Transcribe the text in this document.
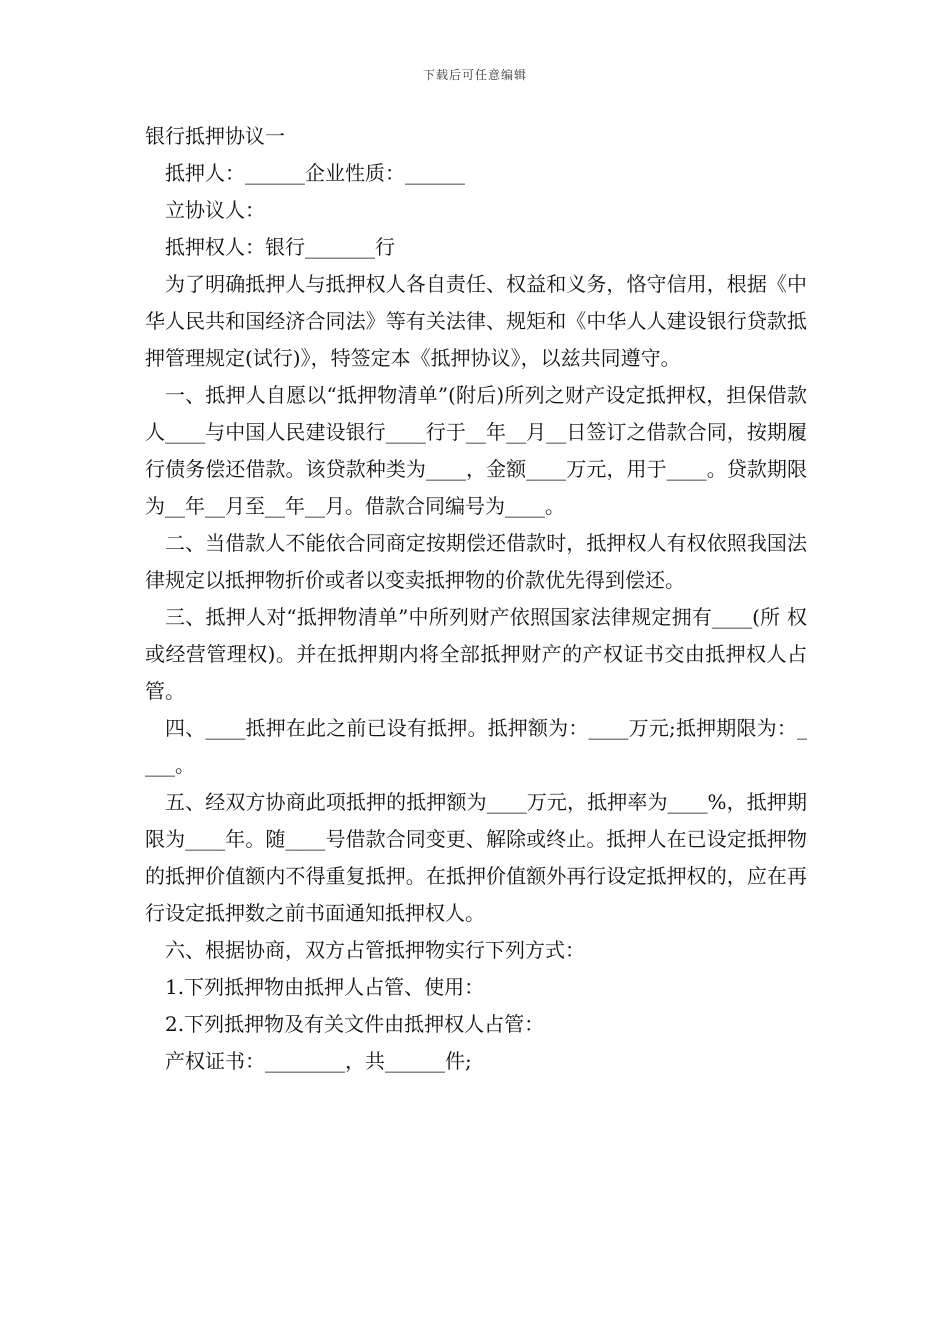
下载后可任意编辑

银行抵押协议一

抵押人：______企业性质：______

立协议人：

抵押权人：银行_______行

为了明确抵押人与抵押权人各自责任、权益和义务，恪守信用，根据《中华人民共和国经济合同法》等有关法律、规矩和《中华人人建设银行贷款抵押管理规定(试行)》，特签定本《抵押协议》，以兹共同遵守。

一、抵押人自愿以“抵押物清单”(附后)所列之财产设定抵押权，担保借款人____与中国人民建设银行____行于__年__月__日签订之借款合同，按期履行债务偿还借款。该贷款种类为____，金额____万元，用于____。贷款期限为__年__月至__年__月。借款合同编号为____。

二、当借款人不能依合同商定按期偿还借款时，抵押权人有权依照我国法律规定以抵押物折价或者以变卖抵押物的价款优先得到偿还。

三、抵押人对“抵押物清单”中所列财产依照国家法律规定拥有____(所 权或经营管理权)。并在抵押期内将全部抵押财产的产权证书交由抵押权人占管。

四、____抵押在此之前已设有抵押。抵押额为：____万元;抵押期限为：____。

五、经双方协商此项抵押的抵押额为____万元，抵押率为____%，抵押期限为____年。随____号借款合同变更、解除或终止。抵押人在已设定抵押物的抵押价值额内不得重复抵押。在抵押价值额外再行设定抵押权的，应在再行设定抵押数之前书面通知抵押权人。

六、根据协商，双方占管抵押物实行下列方式：

1.下列抵押物由抵押人占管、使用：

2.下列抵押物及有关文件由抵押权人占管：

产权证书：________，共______件;
